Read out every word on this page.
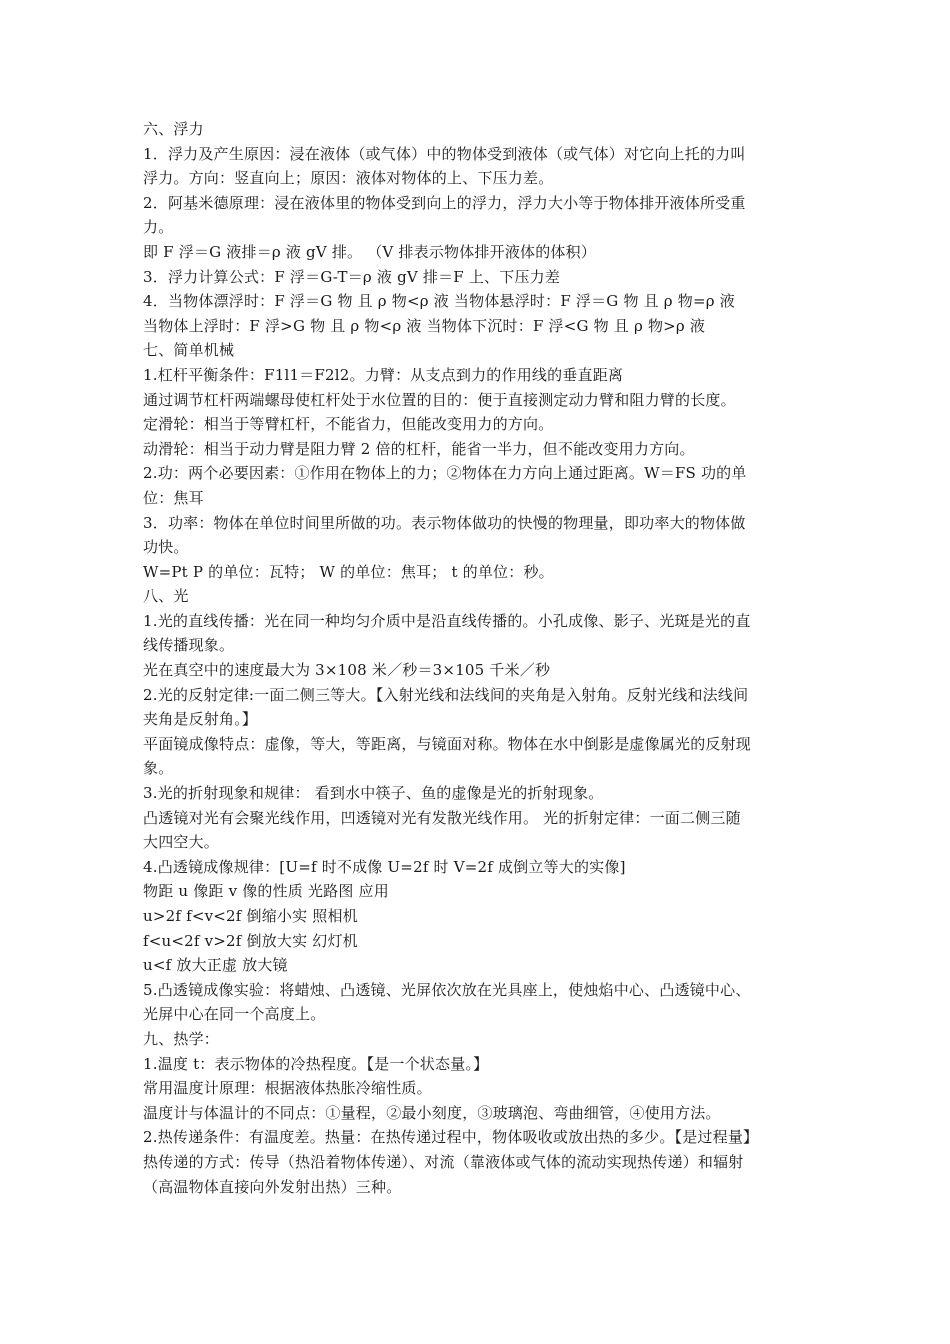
六、浮力
1．浮力及产生原因：浸在液体（或气体）中的物体受到液体（或气体）对它向上托的力叫
浮力。方向：竖直向上；原因：液体对物体的上、下压力差。
2．阿基米德原理：浸在液体里的物体受到向上的浮力，浮力大小等于物体排开液体所受重
力。
即 F 浮＝G 液排＝ρ 液 gV 排。 （V 排表示物体排开液体的体积）
3．浮力计算公式：F 浮＝G-T＝ρ 液 gV 排＝F 上、下压力差
4．当物体漂浮时：F 浮＝G 物 且 ρ 物<ρ 液 当物体悬浮时：F 浮＝G 物 且 ρ 物=ρ 液
当物体上浮时：F 浮>G 物 且 ρ 物<ρ 液 当物体下沉时：F 浮<G 物 且 ρ 物>ρ 液
七、简单机械
1.杠杆平衡条件：F1l1＝F2l2。力臂：从支点到力的作用线的垂直距离
通过调节杠杆两端螺母使杠杆处于水位置的目的：便于直接测定动力臂和阻力臂的长度。
定滑轮：相当于等臂杠杆，不能省力，但能改变用力的方向。
动滑轮：相当于动力臂是阻力臂 2 倍的杠杆，能省一半力，但不能改变用力方向。
2.功：两个必要因素：①作用在物体上的力；②物体在力方向上通过距离。W＝FS 功的单
位：焦耳
3．功率：物体在单位时间里所做的功。表示物体做功的快慢的物理量，即功率大的物体做
功快。
W=Pt P 的单位：瓦特； W 的单位：焦耳； t 的单位：秒。
八、光
1.光的直线传播：光在同一种均匀介质中是沿直线传播的。小孔成像、影子、光斑是光的直
线传播现象。
光在真空中的速度最大为 3×108 米／秒＝3×105 千米／秒
2.光的反射定律:一面二侧三等大。【入射光线和法线间的夹角是入射角。反射光线和法线间
夹角是反射角。】
平面镜成像特点：虚像，等大，等距离，与镜面对称。物体在水中倒影是虚像属光的反射现
象。
3.光的折射现象和规律： 看到水中筷子、鱼的虚像是光的折射现象。
凸透镜对光有会聚光线作用，凹透镜对光有发散光线作用。 光的折射定律：一面二侧三随
大四空大。
4.凸透镜成像规律：[U=f 时不成像 U=2f 时 V=2f 成倒立等大的实像]
物距 u 像距 v 像的性质 光路图 应用
u>2f f<v<2f 倒缩小实 照相机
f<u<2f v>2f 倒放大实 幻灯机
u<f 放大正虚 放大镜
5.凸透镜成像实验：将蜡烛、凸透镜、光屏依次放在光具座上，使烛焰中心、凸透镜中心、
光屏中心在同一个高度上。
九、热学：
1.温度 t：表示物体的冷热程度。【是一个状态量。】
常用温度计原理：根据液体热胀冷缩性质。
温度计与体温计的不同点：①量程，②最小刻度，③玻璃泡、弯曲细管，④使用方法。
2.热传递条件：有温度差。热量：在热传递过程中，物体吸收或放出热的多少。【是过程量】
热传递的方式：传导（热沿着物体传递）、对流（靠液体或气体的流动实现热传递）和辐射
（高温物体直接向外发射出热）三种。
